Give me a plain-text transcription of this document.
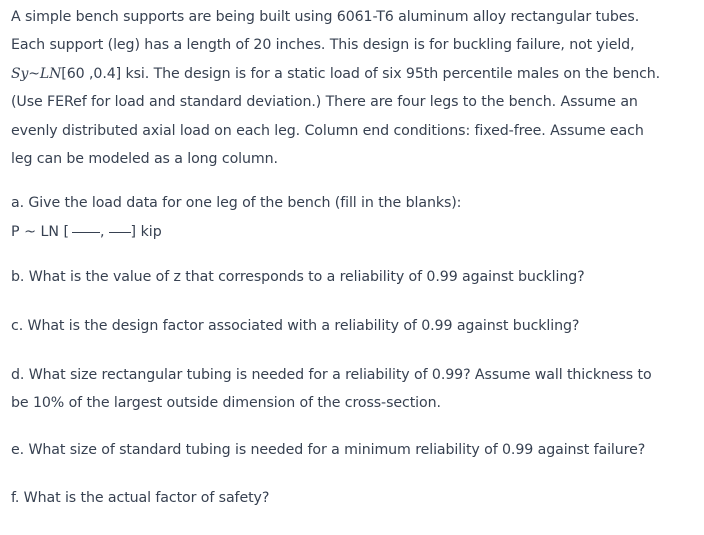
A simple bench supports are being built using 6061-T6 aluminum alloy rectangular tubes.
Each support (leg) has a length of 20 inches. This design is for buckling failure, not yield,
Sy~LN[60 ,0.4] ksi. The design is for a static load of six 95th percentile males on the bench.
(Use FERef for load and standard deviation.) There are four legs to the bench. Assume an
evenly distributed axial load on each leg. Column end conditions: fixed-free. Assume each
leg can be modeled as a long column.

a. Give the load data for one leg of the bench (fill in the blanks):

P ~ LN [ , ] kip

b. What is the value of z that corresponds to a reliability of 0.99 against buckling?

c. What is the design factor associated with a reliability of 0.99 against buckling?

d. What size rectangular tubing is needed for a reliability of 0.99? Assume wall thickness to
be 10% of the largest outside dimension of the cross-section.

e. What size of standard tubing is needed for a minimum reliability of 0.99 against failure?

f. What is the actual factor of safety?
